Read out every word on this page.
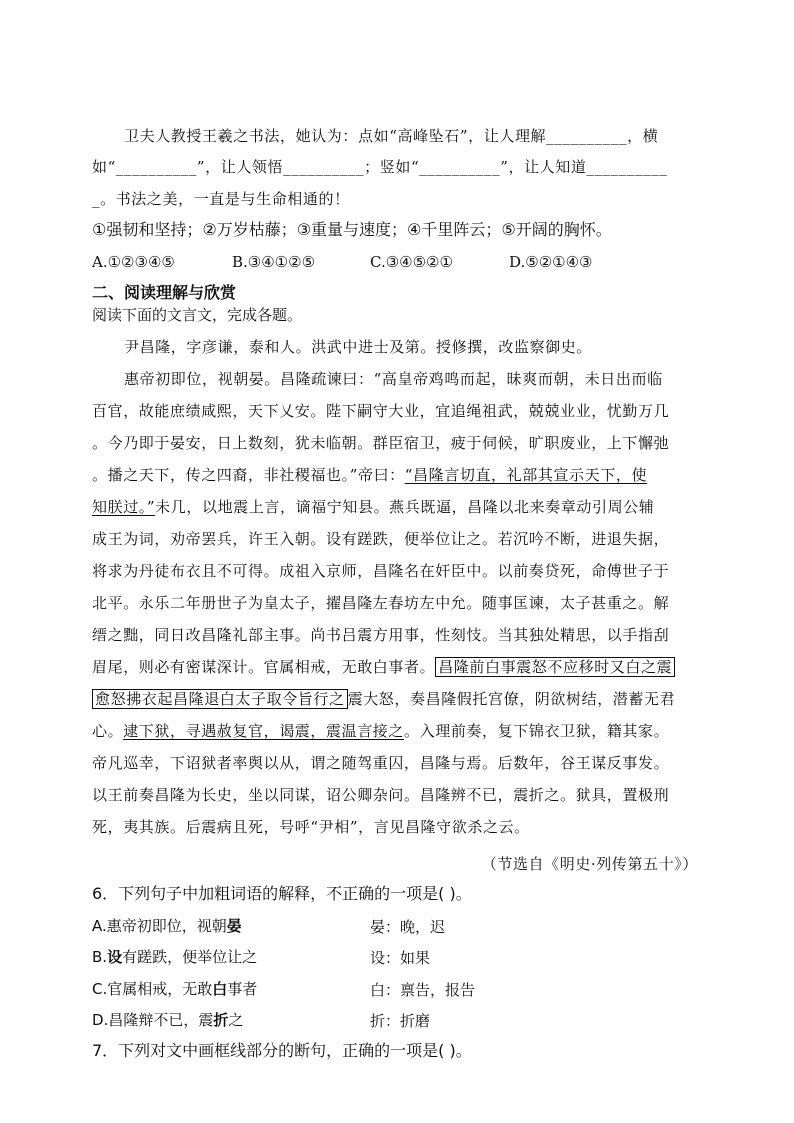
卫夫人教授王羲之书法，她认为：点如“高峰坠石”，让人理解__________，横
如“__________”，让人领悟__________；竖如“__________”，让人知道__________
_。书法之美，一直是与生命相通的！
①强韧和坚持；②万岁枯藤；③重量与速度；④千里阵云；⑤开阔的胸怀。
A.①②③④⑤	B.③④①②⑤	C.③④⑤②①	D.⑤②①④③
二、阅读理解与欣赏
阅读下面的文言文，完成各题。
尹昌隆，字彦谦，泰和人。洪武中进士及第。授修撰，改监察御史。
惠帝初即位，视朝晏。昌隆疏谏曰：“高皇帝鸡鸣而起，昧爽而朝，未日出而临
百官，故能庶绩咸熙，天下乂安。陛下嗣守大业，宜追绳祖武，兢兢业业，忧勤万几
。今乃即于晏安，日上数刻，犹未临朝。群臣宿卫，疲于伺候，旷职废业，上下懈弛
。播之天下，传之四裔，非社稷福也。”帝曰：“昌隆言切直，礼部其宣示天下，使
知朕过。”未几，以地震上言，谪福宁知县。燕兵既逼，昌隆以北来奏章动引周公辅
成王为词，劝帝罢兵，许王入朝。设有蹉跌，便举位让之。若沉吟不断，进退失据，
将求为丹徒布衣且不可得。成祖入京师，昌隆名在奸臣中。以前奏贷死，命傅世子于
北平。永乐二年册世子为皇太子，擢昌隆左春坊左中允。随事匡谏，太子甚重之。解
缙之黜，同日改昌隆礼部主事。尚书吕震方用事，性刻忮。当其独处精思，以手指刮
眉尾，则必有密谋深计。官属相戒，无敢白事者。 昌隆前白事震怒不应移时又白之震
愈怒拂衣起昌隆退白太子取令旨行之 震大怒，奏昌隆假托宫僚，阴欲树结，潜蓄无君
心。逮下狱，寻遇赦复官，谒震，震温言接之。入理前奏，复下锦衣卫狱，籍其家。
帝凡巡幸，下诏狱者率舆以从，谓之随驾重囚，昌隆与焉。后数年，谷王谋反事发。
以王前奏昌隆为长史，坐以同谋，诏公卿杂问。昌隆辨不已，震折之。狱具，置极刑
死，夷其族。后震病且死，号呼“尹相”，言见昌隆守欲杀之云。
（节选自《明史·列传第五十》）
6．下列句子中加粗词语的解释，不正确的一项是( )。
A.惠帝初即位，视朝晏	晏：晚，迟
B.设有蹉跌，便举位让之	设：如果
C.官属相戒，无敢白事者	白：禀告，报告
D.昌隆辩不已，震折之	折：折磨
7．下列对文中画框线部分的断句，正确的一项是( )。
